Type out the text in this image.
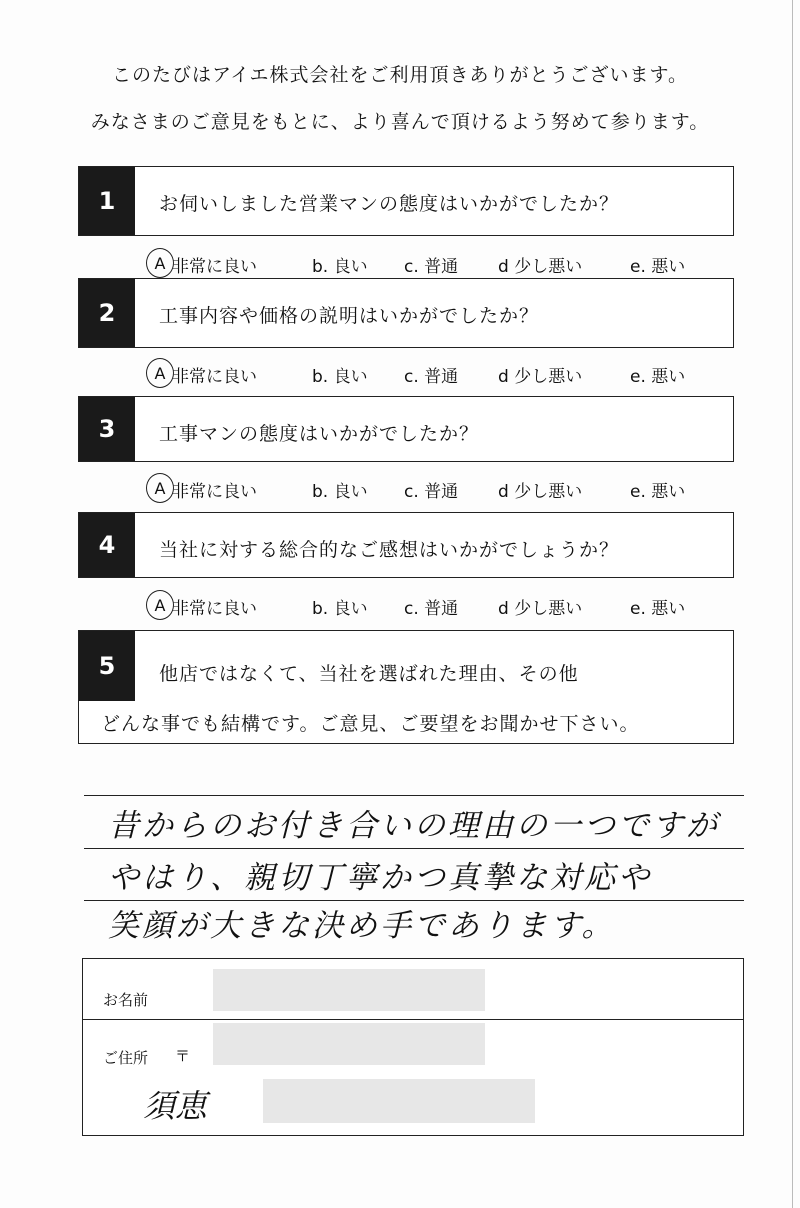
このたびはアイエ株式会社をご利用頂きありがとうございます。
みなさまのご意見をもとに、より喜んで頂けるよう努めて参ります。
1	お伺いしました営業マンの態度はいかがでしたか？
A 非常に良い	b. 良い c. 普通 d 少し悪い	e. 悪い
2	工事内容や価格の説明はいかがでしたか？
A 非常に良い	b. 良い c. 普通 d 少し悪い	e. 悪い
3	工事マンの態度はいかがでしたか？
A 非常に良い	b. 良い c. 普通 d 少し悪い	e. 悪い
4	当社に対する総合的なご感想はいかがでしょうか？
A 非常に良い	b. 良い c. 普通 d 少し悪い	e. 悪い
5	他店ではなくて、当社を選ばれた理由、その他
どんな事でも結構です。ご意見、ご要望をお聞かせ下さい。
昔からのお付き合いの理由の一つですが
やはり、親切丁寧かつ真摯な対応や
笑顔が大きな決め手であります。
お名前
ご住所 〒
須恵
